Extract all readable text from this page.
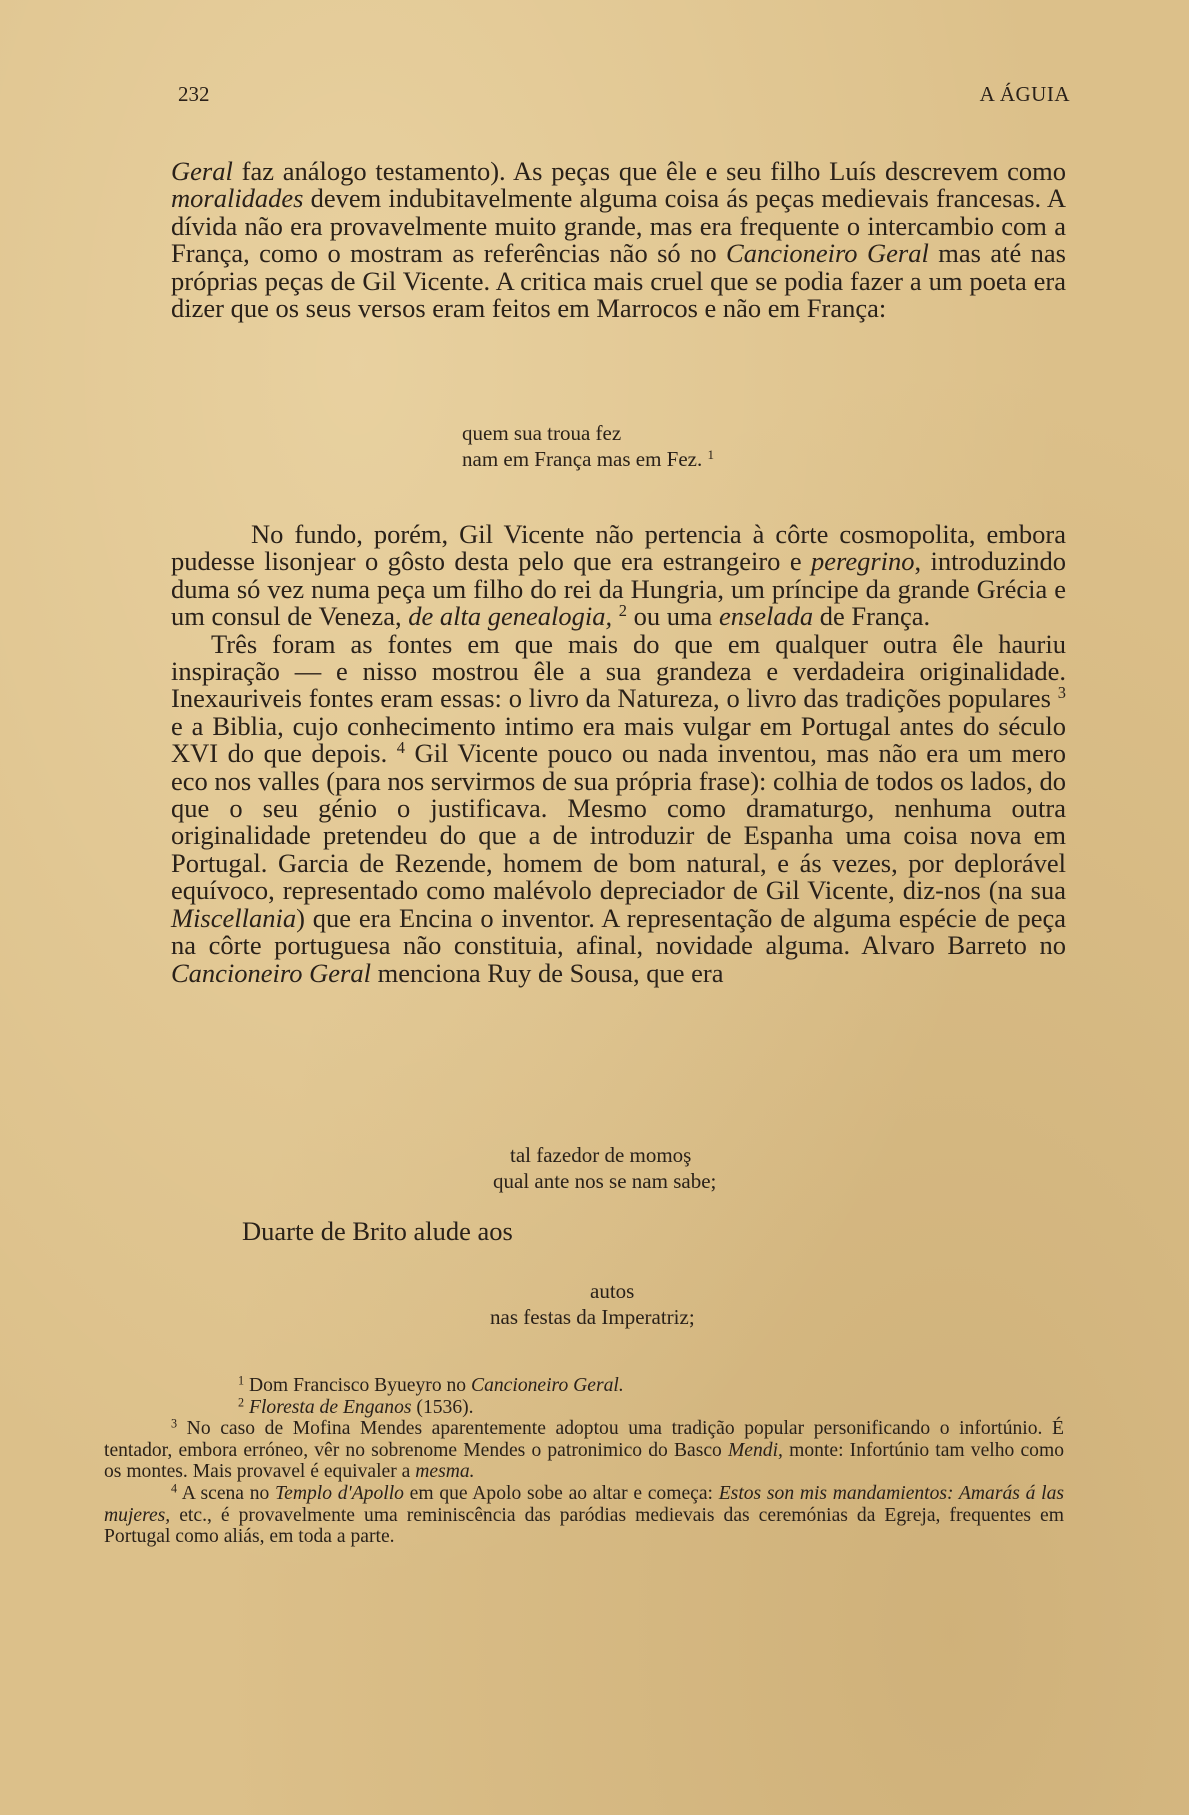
232	A ÁGUIA

Geral faz análogo testamento). As peças que êle e seu filho Luís descrevem como moralidades devem indubitavelmente alguma coisa ás peças medievais francesas. A dívida não era provavelmente muito grande, mas era frequente o intercambio com a França, como o mostram as referências não só no Cancioneiro Geral mas até nas próprias peças de Gil Vicente. A critica mais cruel que se podia fazer a um poeta era dizer que os seus versos eram feitos em Marrocos e não em França:

quem sua troua fez
nam em França mas em Fez. $^1$

No fundo, porém, Gil Vicente não pertencia à côrte cosmopolita, embora pudesse lisonjear o gôsto desta pelo que era estrangeiro e peregrino, introduzindo duma só vez numa peça um filho do rei da Hungria, um príncipe da grande Grécia e um consul de Veneza, de alta genealogia, $^2$ ou uma enselada de França.

Três foram as fontes em que mais do que em qualquer outra êle hauriu inspiração — e nisso mostrou êle a sua grandeza e verdadeira originalidade. Inexauriveis fontes eram essas: o livro da Natureza, o livro das tradições populares $^3$ e a Biblia, cujo conhecimento intimo era mais vulgar em Portugal antes do século XVI do que depois. $^4$ Gil Vicente pouco ou nada inventou, mas não era um mero eco nos valles (para nos servirmos de sua própria frase): colhia de todos os lados, do que o seu génio o justificava. Mesmo como dramaturgo, nenhuma outra originalidade pretendeu do que a de introduzir de Espanha uma coisa nova em Portugal. Garcia de Rezende, homem de bom natural, e ás vezes, por deplorável equívoco, representado como malévolo depreciador de Gil Vicente, diz-nos (na sua Miscellania) que era Encina o inventor. A representação de alguma espécie de peça na côrte portuguesa não constituia, afinal, novidade alguma. Alvaro Barreto no Cancioneiro Geral menciona Ruy de Sousa, que era

tal fazedor de momoş
qual ante nos se nam sabe;

Duarte de Brito alude aos

autos
nas festas da Imperatriz;

$^1$ Dom Francisco Byueyro no Cancioneiro Geral.

$^2$ Floresta de Enganos (1536).

$^3$ No caso de Mofina Mendes aparentemente adoptou uma tradição popular personificando o infortúnio. É tentador, embora erróneo, vêr no sobrenome Mendes o patronimico do Basco Mendi, monte: Infortúnio tam velho como os montes. Mais provavel é equivaler a mesma.

$^4$ A scena no Templo d'Apollo em que Apolo sobe ao altar e começa: Estos son mis mandamientos: Amarás á las mujeres, etc., é provavelmente uma reminiscência das paródias medievais das ceremónias da Egreja, frequentes em Portugal como aliás, em toda a parte.
